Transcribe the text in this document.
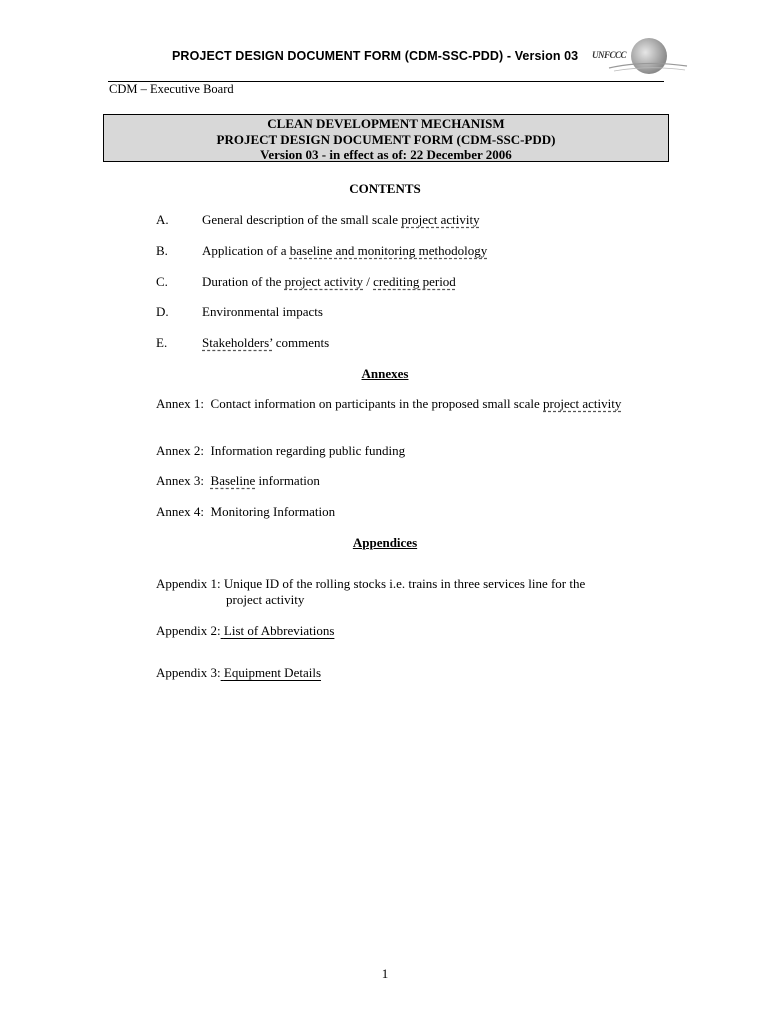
PROJECT DESIGN DOCUMENT FORM (CDM-SSC-PDD) - Version 03 UNFCCC
CDM – Executive Board
CLEAN DEVELOPMENT MECHANISM
PROJECT DESIGN DOCUMENT FORM (CDM-SSC-PDD)
Version 03 - in effect as of: 22 December 2006
CONTENTS
A.	General description of the small scale project activity
B.	Application of a baseline and monitoring methodology
C.	Duration of the project activity / crediting period
D.	Environmental impacts
E.	Stakeholders’ comments
Annexes
Annex 1: Contact information on participants in the proposed small scale project activity
Annex 2: Information regarding public funding
Annex 3: Baseline information
Annex 4: Monitoring Information
Appendices
Appendix 1: Unique ID of the rolling stocks i.e. trains in three services line for the
project activity
Appendix 2: List of Abbreviations
Appendix 3: Equipment Details
1
